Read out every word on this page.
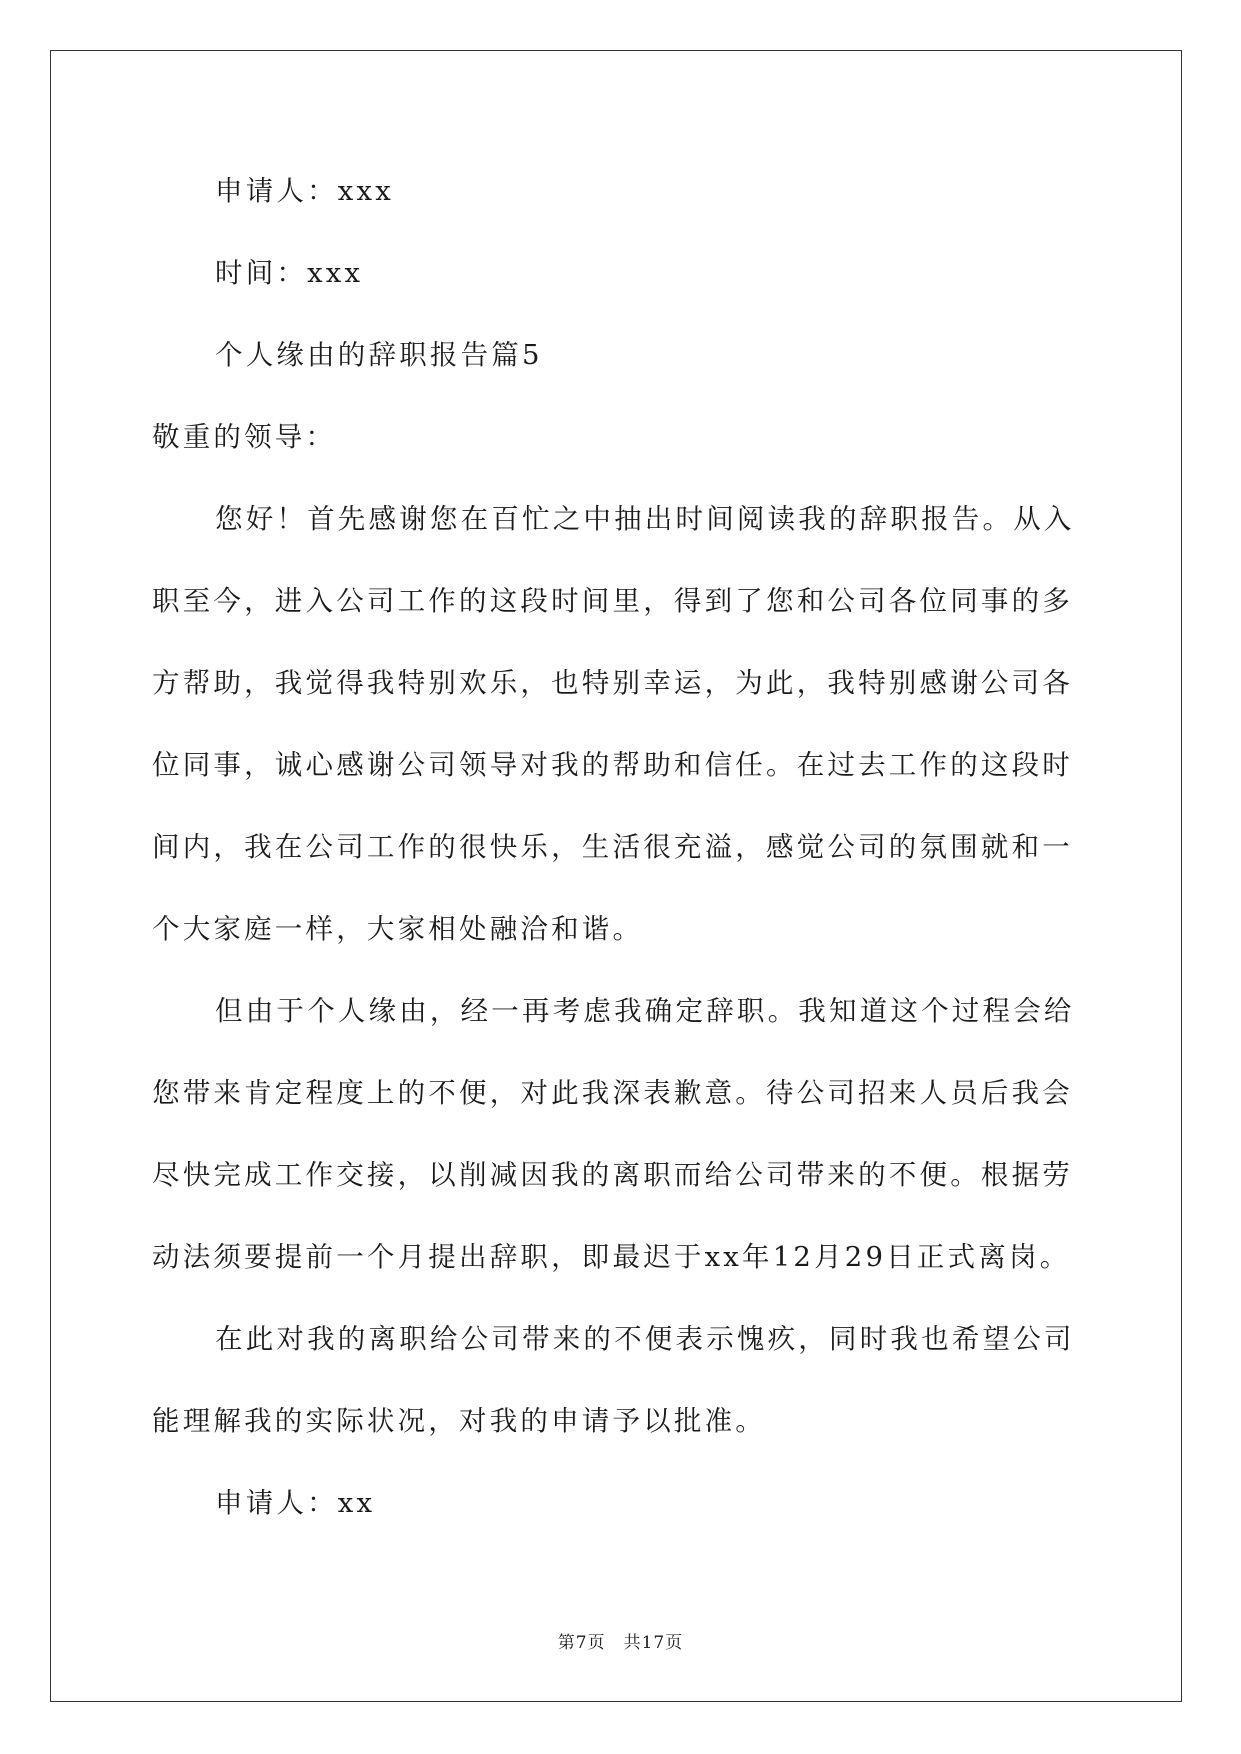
申请人：xxx
时间：xxx
个人缘由的辞职报告篇5
敬重的领导：
您好！首先感谢您在百忙之中抽出时间阅读我的辞职报告。从入
职至今，进入公司工作的这段时间里，得到了您和公司各位同事的多
方帮助，我觉得我特别欢乐，也特别幸运，为此，我特别感谢公司各
位同事，诚心感谢公司领导对我的帮助和信任。在过去工作的这段时
间内，我在公司工作的很快乐，生活很充溢，感觉公司的氛围就和一
个大家庭一样，大家相处融洽和谐。
但由于个人缘由，经一再考虑我确定辞职。我知道这个过程会给
您带来肯定程度上的不便，对此我深表歉意。待公司招来人员后我会
尽快完成工作交接，以削减因我的离职而给公司带来的不便。根据劳
动法须要提前一个月提出辞职，即最迟于xx年12月29日正式离岗。
在此对我的离职给公司带来的不便表示愧疚，同时我也希望公司
能理解我的实际状况，对我的申请予以批准。
申请人：xx
第7页 共17页
